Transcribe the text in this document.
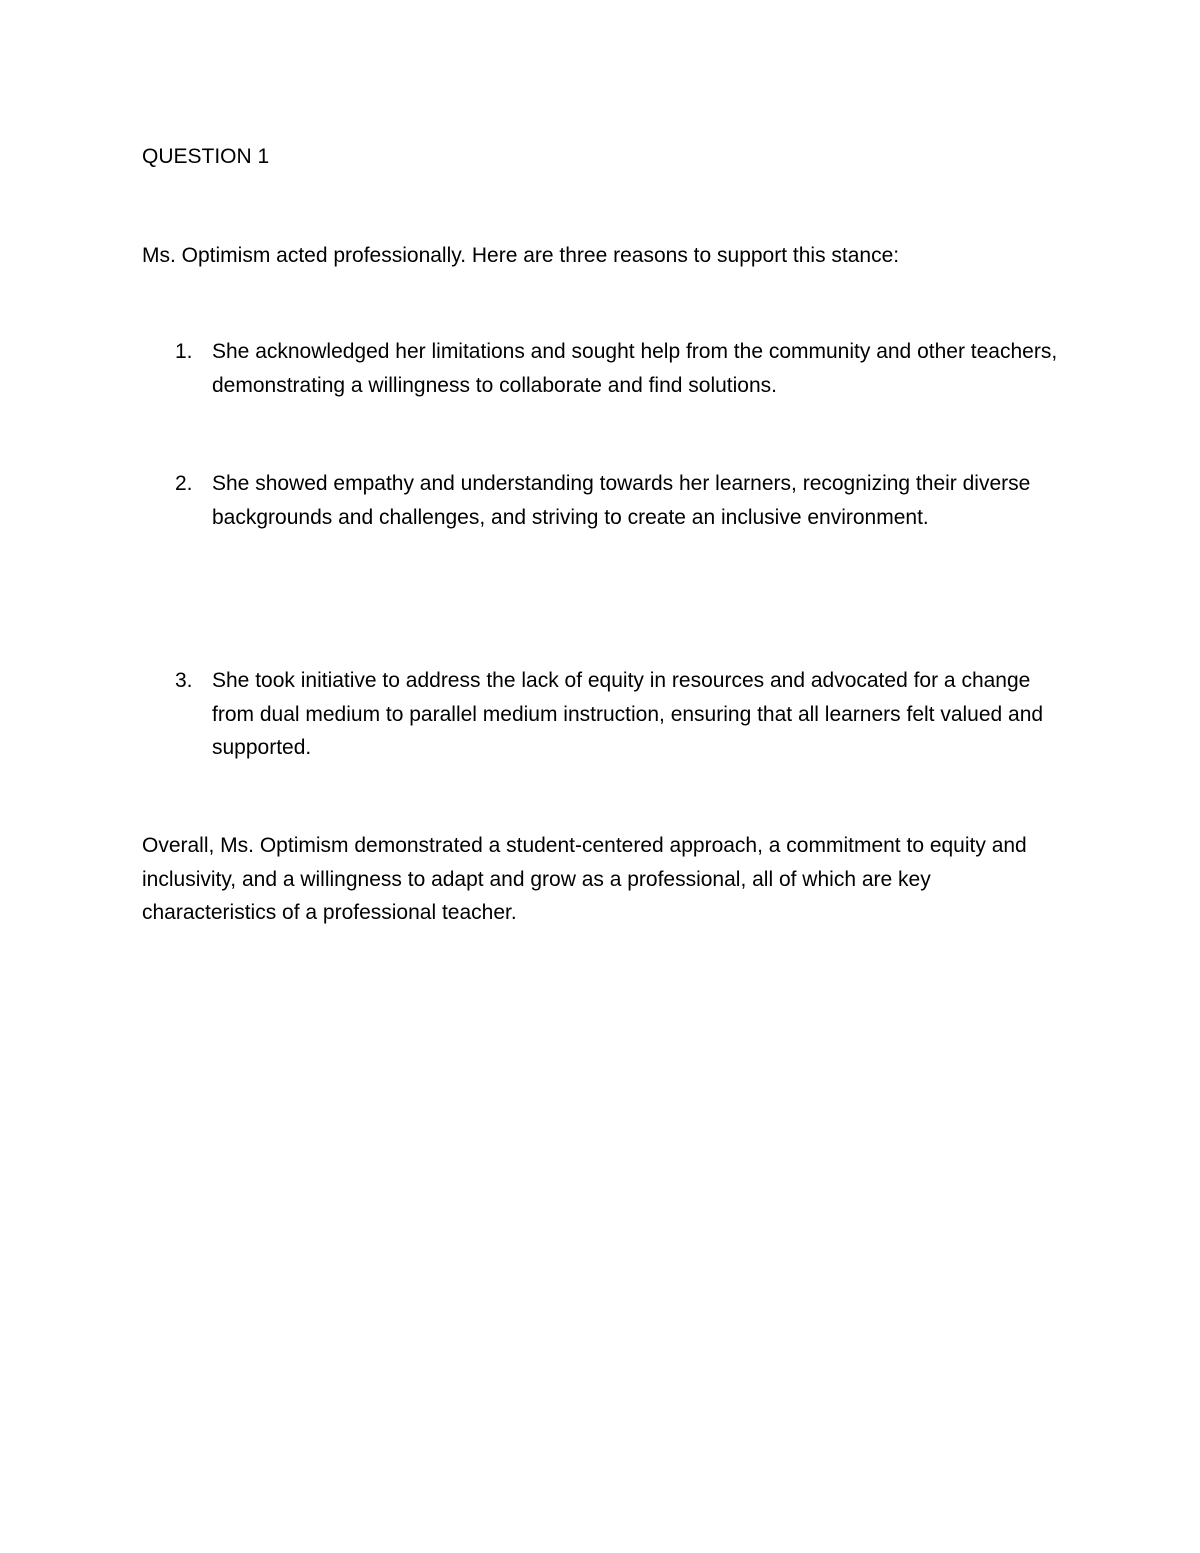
QUESTION 1
Ms. Optimism acted professionally. Here are three reasons to support this stance:
1. She acknowledged her limitations and sought help from the community and other teachers, demonstrating a willingness to collaborate and find solutions.
2. She showed empathy and understanding towards her learners, recognizing their diverse backgrounds and challenges, and striving to create an inclusive environment.
3. She took initiative to address the lack of equity in resources and advocated for a change from dual medium to parallel medium instruction, ensuring that all learners felt valued and supported.
Overall, Ms. Optimism demonstrated a student-centered approach, a commitment to equity and inclusivity, and a willingness to adapt and grow as a professional, all of which are key characteristics of a professional teacher.
